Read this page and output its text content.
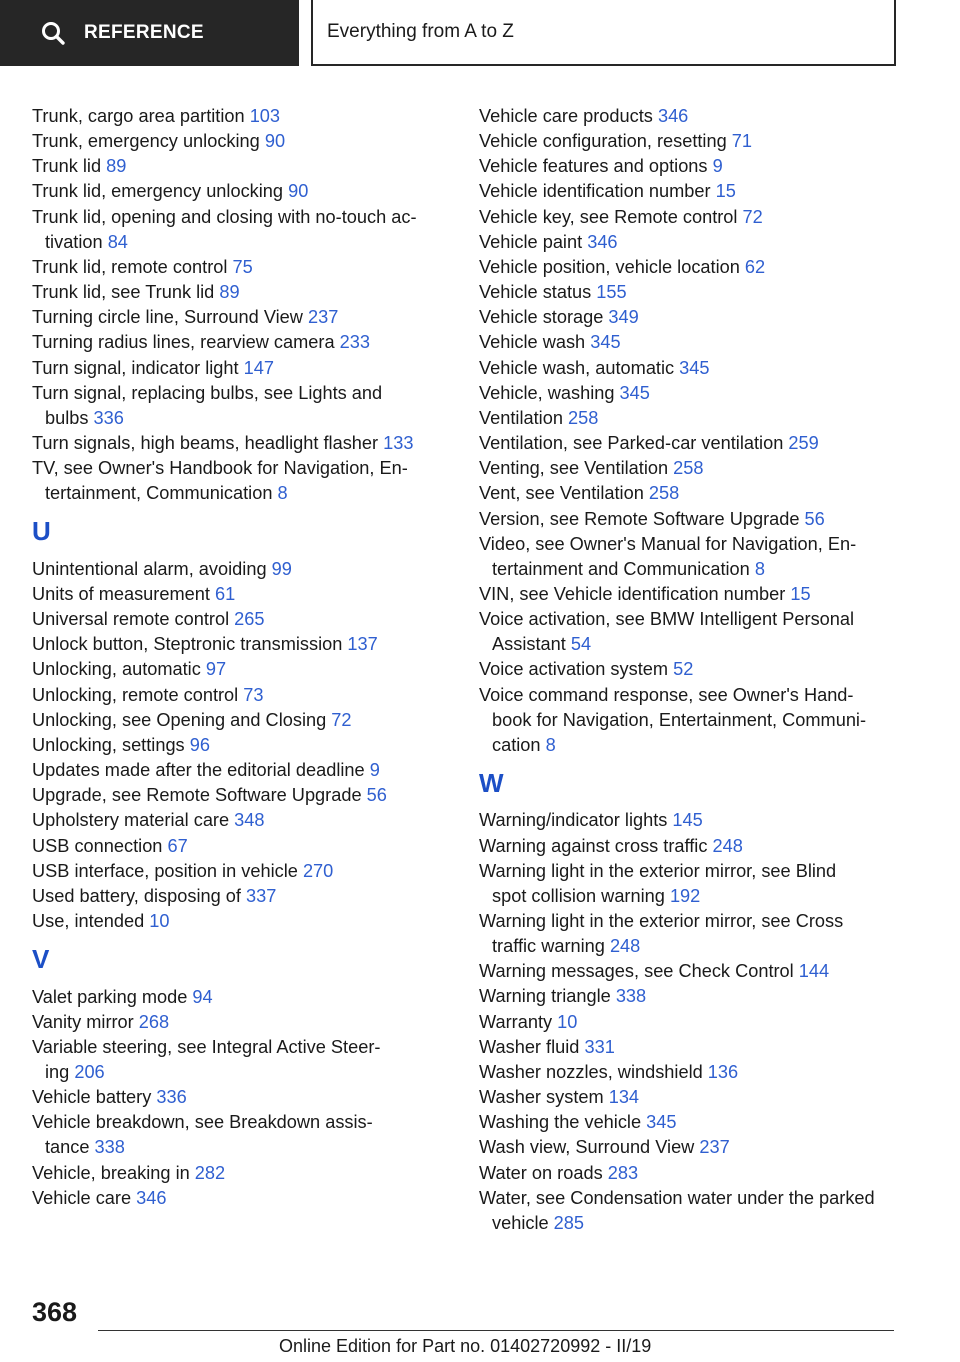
REFERENCE	Everything from A to Z
Trunk, cargo area partition 103
Trunk, emergency unlocking 90
Trunk lid 89
Trunk lid, emergency unlocking 90
Trunk lid, opening and closing with no-touch ac-
tivation 84
Trunk lid, remote control 75
Trunk lid, see Trunk lid 89
Turning circle line, Surround View 237
Turning radius lines, rearview camera 233
Turn signal, indicator light 147
Turn signal, replacing bulbs, see Lights and
bulbs 336
Turn signals, high beams, headlight flasher 133
TV, see Owner's Handbook for Navigation, En-
tertainment, Communication 8
U
Unintentional alarm, avoiding 99
Units of measurement 61
Universal remote control 265
Unlock button, Steptronic transmission 137
Unlocking, automatic 97
Unlocking, remote control 73
Unlocking, see Opening and Closing 72
Unlocking, settings 96
Updates made after the editorial deadline 9
Upgrade, see Remote Software Upgrade 56
Upholstery material care 348
USB connection 67
USB interface, position in vehicle 270
Used battery, disposing of 337
Use, intended 10
V
Valet parking mode 94
Vanity mirror 268
Variable steering, see Integral Active Steer-
ing 206
Vehicle battery 336
Vehicle breakdown, see Breakdown assis-
tance 338
Vehicle, breaking in 282
Vehicle care 346
Vehicle care products 346
Vehicle configuration, resetting 71
Vehicle features and options 9
Vehicle identification number 15
Vehicle key, see Remote control 72
Vehicle paint 346
Vehicle position, vehicle location 62
Vehicle status 155
Vehicle storage 349
Vehicle wash 345
Vehicle wash, automatic 345
Vehicle, washing 345
Ventilation 258
Ventilation, see Parked-car ventilation 259
Venting, see Ventilation 258
Vent, see Ventilation 258
Version, see Remote Software Upgrade 56
Video, see Owner's Manual for Navigation, En-
tertainment and Communication 8
VIN, see Vehicle identification number 15
Voice activation, see BMW Intelligent Personal
Assistant 54
Voice activation system 52
Voice command response, see Owner's Hand-
book for Navigation, Entertainment, Communi-
cation 8
W
Warning/indicator lights 145
Warning against cross traffic 248
Warning light in the exterior mirror, see Blind
spot collision warning 192
Warning light in the exterior mirror, see Cross
traffic warning 248
Warning messages, see Check Control 144
Warning triangle 338
Warranty 10
Washer fluid 331
Washer nozzles, windshield 136
Washer system 134
Washing the vehicle 345
Wash view, Surround View 237
Water on roads 283
Water, see Condensation water under the parked
vehicle 285
368
Online Edition for Part no. 01402720992 - II/19
